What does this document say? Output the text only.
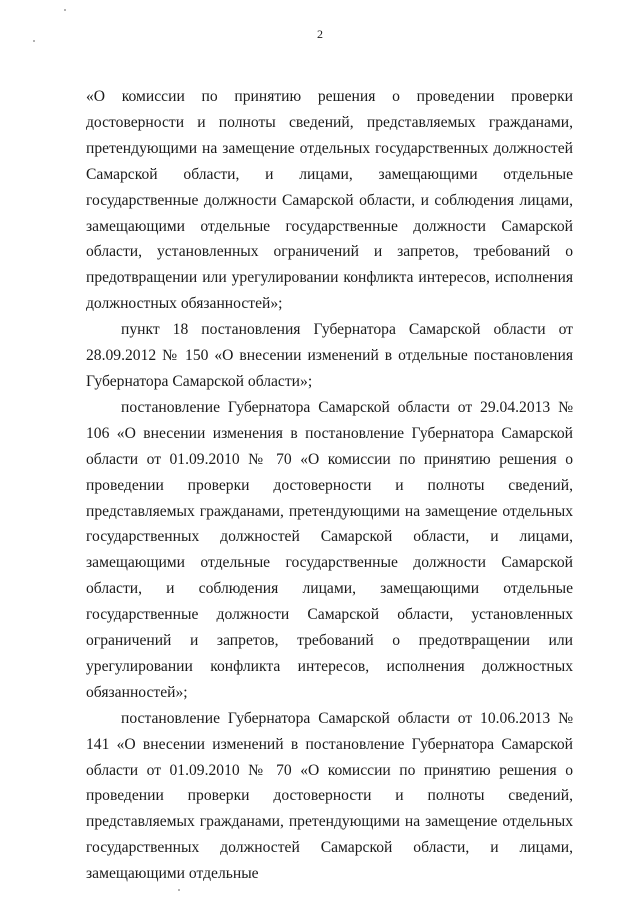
2

«О комиссии по принятию решения о проведении проверки достоверности и полноты сведений, представляемых гражданами, претендующими на замещение отдельных государственных должностей Самарской области, и лицами, замещающими отдельные государственные должности Самарской области, и соблюдения лицами, замещающими отдельные государственные должности Самарской области, установленных ограничений и запретов, требований о предотвращении или урегулировании конфликта интересов, исполнения должностных обязанностей»;

пункт 18 постановления Губернатора Самарской области от 28.09.2012 № 150 «О внесении изменений в отдельные постановления Губернатора Самарской области»;

постановление Губернатора Самарской области от 29.04.2013 № 106 «О внесении изменения в постановление Губернатора Самарской области от 01.09.2010 № 70 «О комиссии по принятию решения о проведении проверки достоверности и полноты сведений, представляемых гражданами, претендующими на замещение отдельных государственных должностей Самарской области, и лицами, замещающими отдельные государственные должности Самарской области, и соблюдения лицами, замещающими отдельные государственные должности Самарской области, установленных ограничений и запретов, требований о предотвращении или урегулировании конфликта интересов, исполнения должностных обязанностей»;

постановление Губернатора Самарской области от 10.06.2013 № 141 «О внесении изменений в постановление Губернатора Самарской области от 01.09.2010 № 70 «О комиссии по принятию решения о проведении проверки достоверности и полноты сведений, представляемых гражданами, претендующими на замещение отдельных государственных должностей Самарской области, и лицами, замещающими отдельные
